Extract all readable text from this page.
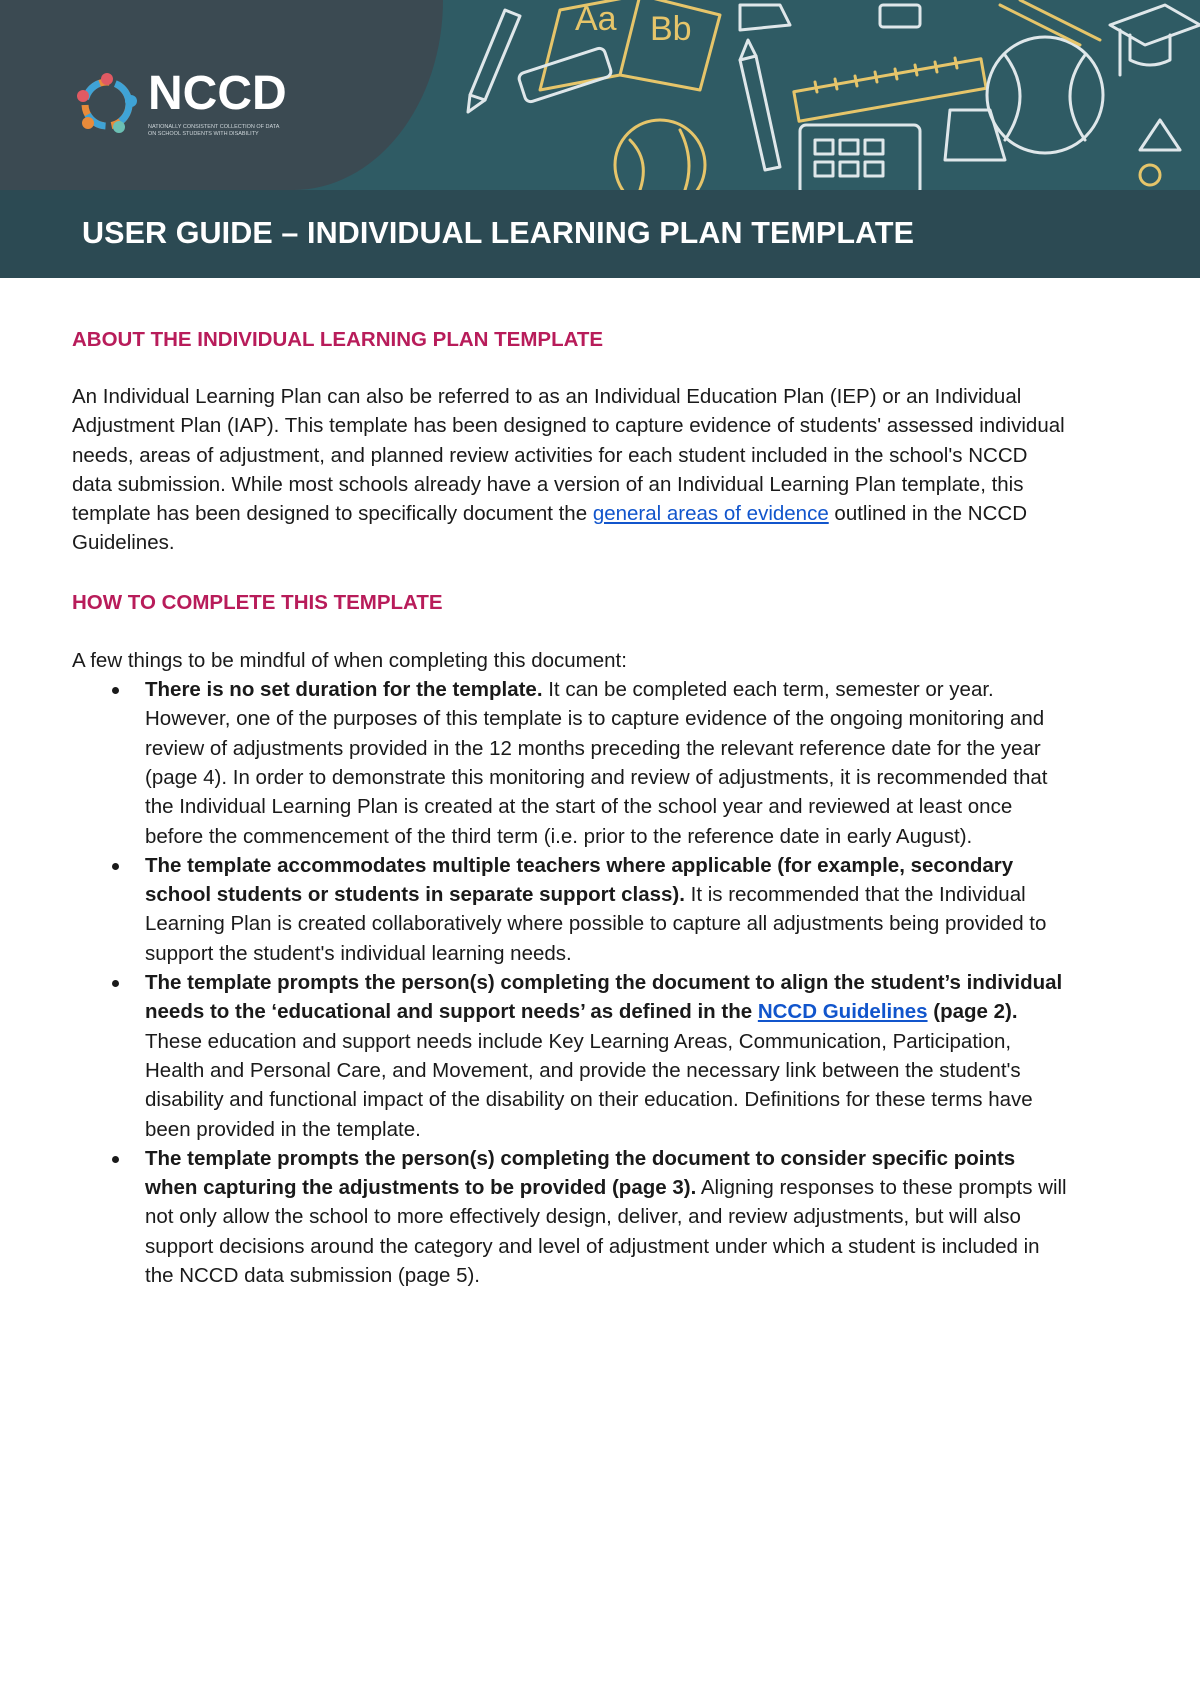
Aa Bb
NCCD
NATIONALLY CONSISTENT COLLECTION OF DATA ON SCHOOL STUDENTS WITH DISABILITY
USER GUIDE – INDIVIDUAL LEARNING PLAN TEMPLATE
ABOUT THE INDIVIDUAL LEARNING PLAN TEMPLATE

An Individual Learning Plan can also be referred to as an Individual Education Plan (IEP) or an Individual Adjustment Plan (IAP). This template has been designed to capture evidence of students' assessed individual needs, areas of adjustment, and planned review activities for each student included in the school's NCCD data submission. While most schools already have a version of an Individual Learning Plan template, this template has been designed to specifically document the general areas of evidence outlined in the NCCD Guidelines.

HOW TO COMPLETE THIS TEMPLATE

A few things to be mindful of when completing this document:

There is no set duration for the template. It can be completed each term, semester or year. However, one of the purposes of this template is to capture evidence of the ongoing monitoring and review of adjustments provided in the 12 months preceding the relevant reference date for the year (page 4). In order to demonstrate this monitoring and review of adjustments, it is recommended that the Individual Learning Plan is created at the start of the school year and reviewed at least once before the commencement of the third term (i.e. prior to the reference date in early August).
The template accommodates multiple teachers where applicable (for example, secondary school students or students in separate support class). It is recommended that the Individual Learning Plan is created collaboratively where possible to capture all adjustments being provided to support the student's individual learning needs.
The template prompts the person(s) completing the document to align the student’s individual needs to the ‘educational and support needs’ as defined in the NCCD Guidelines (page 2). These education and support needs include Key Learning Areas, Communication, Participation, Health and Personal Care, and Movement, and provide the necessary link between the student's disability and functional impact of the disability on their education. Definitions for these terms have been provided in the template.
The template prompts the person(s) completing the document to consider specific points when capturing the adjustments to be provided (page 3). Aligning responses to these prompts will not only allow the school to more effectively design, deliver, and review adjustments, but will also support decisions around the category and level of adjustment under which a student is included in the NCCD data submission (page 5).
